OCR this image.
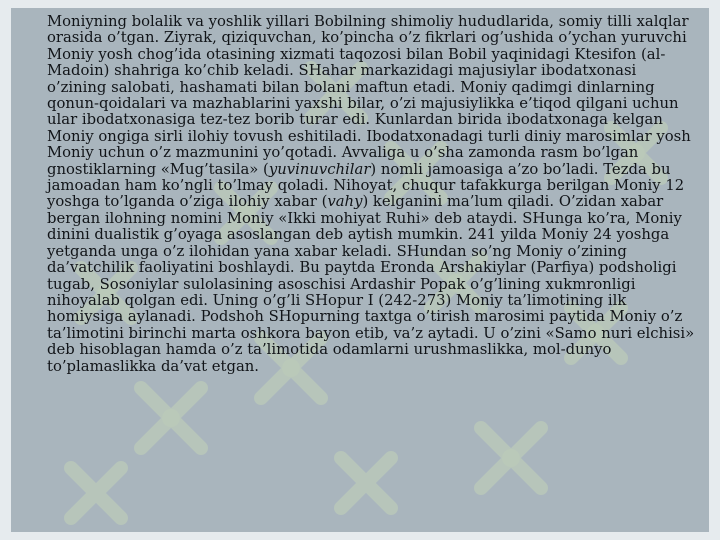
Moniyning bolalik va yoshlik yillari Bobilning shimoliy hududlarida, somiy tilli xalqlar orasida o’tgan. Ziyrak, qiziquvchan, ko’pincha o’z fikrlari og’ushida o’ychan yuruvchi Moniy yosh chog’ida otasining xizmati taqozosi bilan Bobil yaqinidagi Ktesifon (al-Madoin) shahriga ko’chib keladi. SHahar markazidagi majusiylar ibodatxonasi o’zining salobati, hashamati bilan bolani maftun etadi. Moniy qadimgi dinlarning qonun-qoidalari va mazhablarini yaxshi bilar, o’zi majusiylikka e’tiqod qilgani uchun ular ibodatxonasiga tez-tez borib turar edi. Kunlardan birida ibodatxonaga kelgan Moniy ongiga sirli ilohiy tovush eshitiladi. Ibodatxonadagi turli diniy marosimlar yosh Moniy uchun o’z mazmunini yo’qotadi. Avvaliga u o’sha zamonda rasm bo’lgan gnostiklarning «Mug’tasila» (yuvinuvchilar) nomli jamoasiga a’zo bo’ladi. Tezda bu jamoadan ham ko’ngli to’lmay qoladi. Nihoyat, chuqur tafakkurga berilgan Moniy 12 yoshga to’lganda o’ziga ilohiy xabar (vahy) kelganini ma’lum qiladi. O’zidan xabar bergan ilohning nomini Moniy «Ikki mohiyat Ruhi» deb ataydi. SHunga ko’ra, Moniy dinini dualistik g’oyaga asoslangan deb aytish mumkin. 241 yilda Moniy 24 yoshga yetganda unga o’z ilohidan yana xabar keladi. SHundan so’ng Moniy o’zining da’vatchilik faoliyatini boshlaydi. Bu paytda Eronda Arshakiylar (Parfiya) podsholigi tugab, Sosoniylar sulolasining asoschisi Ardashir Popak o’g’lining xukmronligi nihoyalab qolgan edi. Uning o’g’li SHopur I (242-273) Moniy ta’limotining ilk homiysiga aylanadi. Podshoh SHopurning taxtga o’tirish marosimi paytida Moniy o’z ta’limotini birinchi marta oshkora bayon etib, va’z aytadi. U o’zini «Samo nuri elchisi» deb hisoblagan hamda o’z ta’limotida odamlarni urushmaslikka, mol-dunyo to’plamaslikka da’vat etgan.
